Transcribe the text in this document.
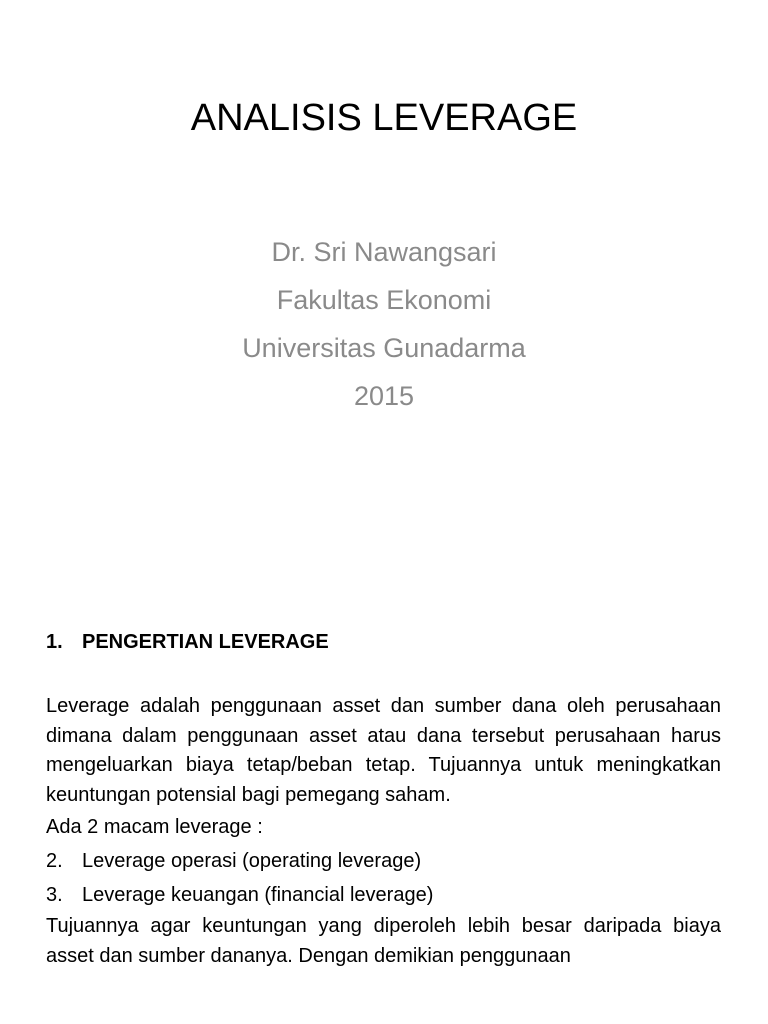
ANALISIS LEVERAGE
Dr. Sri Nawangsari
Fakultas Ekonomi
Universitas Gunadarma
2015
1. PENGERTIAN LEVERAGE

Leverage adalah penggunaan asset dan sumber dana oleh perusahaan dimana dalam penggunaan asset atau dana tersebut perusahaan harus mengeluarkan biaya tetap/beban tetap. Tujuannya untuk meningkatkan keuntungan potensial bagi pemegang saham.

Ada 2 macam leverage :

2. Leverage operasi (operating leverage)
3. Leverage keuangan (financial leverage)

Tujuannya agar keuntungan yang diperoleh lebih besar daripada biaya asset dan sumber dananya. Dengan demikian penggunaan
